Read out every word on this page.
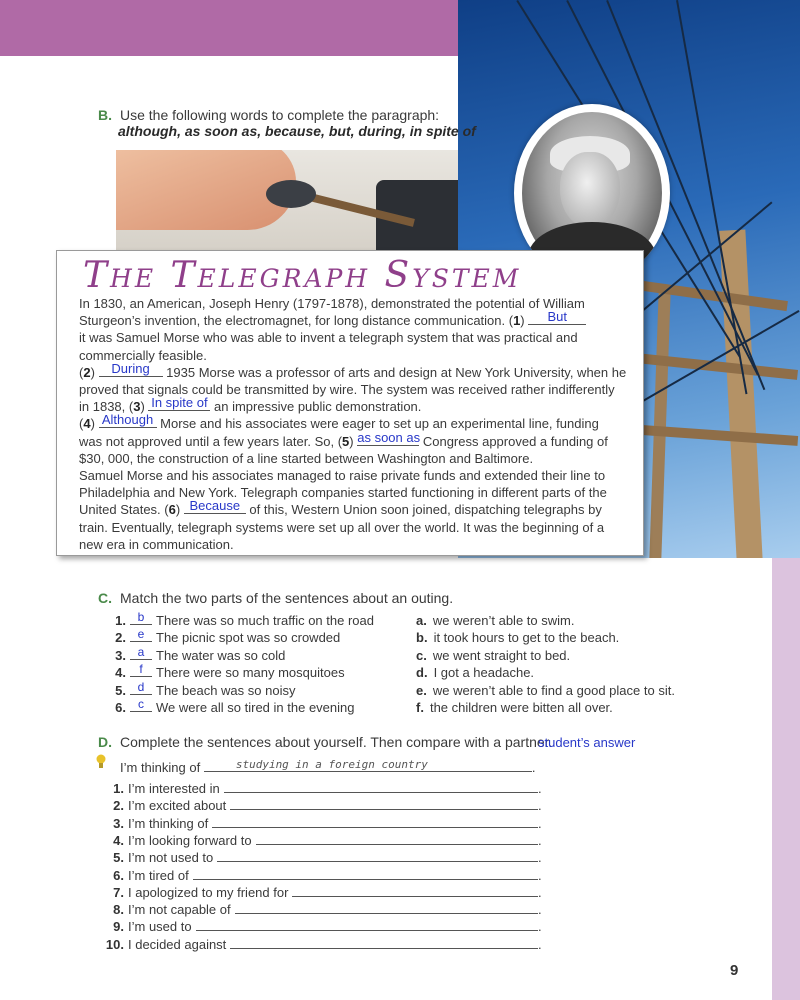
B. Use the following words to complete the paragraph:
although, as soon as, because, but, during, in spite of
The Telegraph System
In 1830, an American, Joseph Henry (1797-1878), demonstrated the potential of William
Sturgeon’s invention, the electromagnet, for long distance communication. (1)	But
it was Samuel Morse who was able to invent a telegraph system that was practical and
commercially feasible.
(2)	During 1935 Morse was a professor of arts and design at New York University, when he
proved that signals could be transmitted by wire. The system was received rather indifferently
in 1838, (3) In spite of an impressive public demonstration.
(4) Although Morse and his associates were eager to set up an experimental line, funding
was not approved until a few years later. So, (5) as soon as Congress approved a funding of
$30, 000, the construction of a line started between Washington and Baltimore.
Samuel Morse and his associates managed to raise private funds and extended their line to
Philadelphia and New York. Telegraph companies started functioning in different parts of the
United States. (6) Because of this, Western Union soon joined, dispatching telegraphs by
train. Eventually, telegraph systems were set up all over the world. It was the beginning of a
new era in communication.
C. Match the two parts of the sentences about an outing.
1. b There was so much traffic on the road
2. e The picnic spot was so crowded
3. a The water was so cold
4.	f	There were so many mosquitoes
5. d The beach was so noisy
6.	c We were all so tired in the evening
a. we weren’t able to swim.
b. it took hours to get to the beach.
c. we went straight to bed.
d. I got a headache.
e. we weren’t able to find a good place to sit.
f. the children were bitten all over.
D. Complete the sentences about yourself. Then compare with a partner.
student’s answer
I’m thinking of	studying in a foreign country	.
1. I’m interested in	.
2. I’m excited about	.
3. I’m thinking of	.
4. I’m looking forward to	.
5. I’m not used to	.
6. I’m tired of	.
7. I apologized to my friend for	.
8. I’m not capable of	.
9. I’m used to	.
10. I decided against	.
9
